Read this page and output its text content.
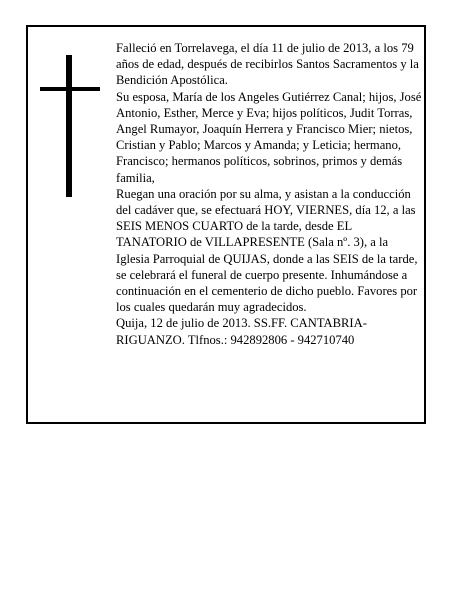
Falleció en Torrelavega, el día 11 de julio de 2013, a los 79 años de edad, después de recibirlos Santos Sacramentos y la Bendición Apostólica.

Su esposa, María de los Angeles Gutiérrez Canal; hijos, José Antonio, Esther, Merce y Eva; hijos políticos, Judit Torras, Angel Rumayor, Joaquín Herrera y Francisco Mier; nietos, Cristian y Pablo; Marcos y Amanda; y Leticia; hermano, Francisco; hermanos políticos, sobrinos, primos y demás familia,

Ruegan una oración por su alma, y asistan a la conducción del cadáver que, se efectuará HOY, VIERNES, día 12, a las SEIS MENOS CUARTO de la tarde, desde EL TANATORIO de VILLAPRESENTE (Sala nº. 3), a la Iglesia Parroquial de QUIJAS, donde a las SEIS de la tarde, se celebrará el funeral de cuerpo presente. Inhumándose a continuación en el cementerio de dicho pueblo. Favores por los cuales quedarán muy agradecidos.

Quija, 12 de julio de 2013. SS.FF. CANTABRIA-RIGUANZO. Tlfnos.: 942892806 - 942710740
